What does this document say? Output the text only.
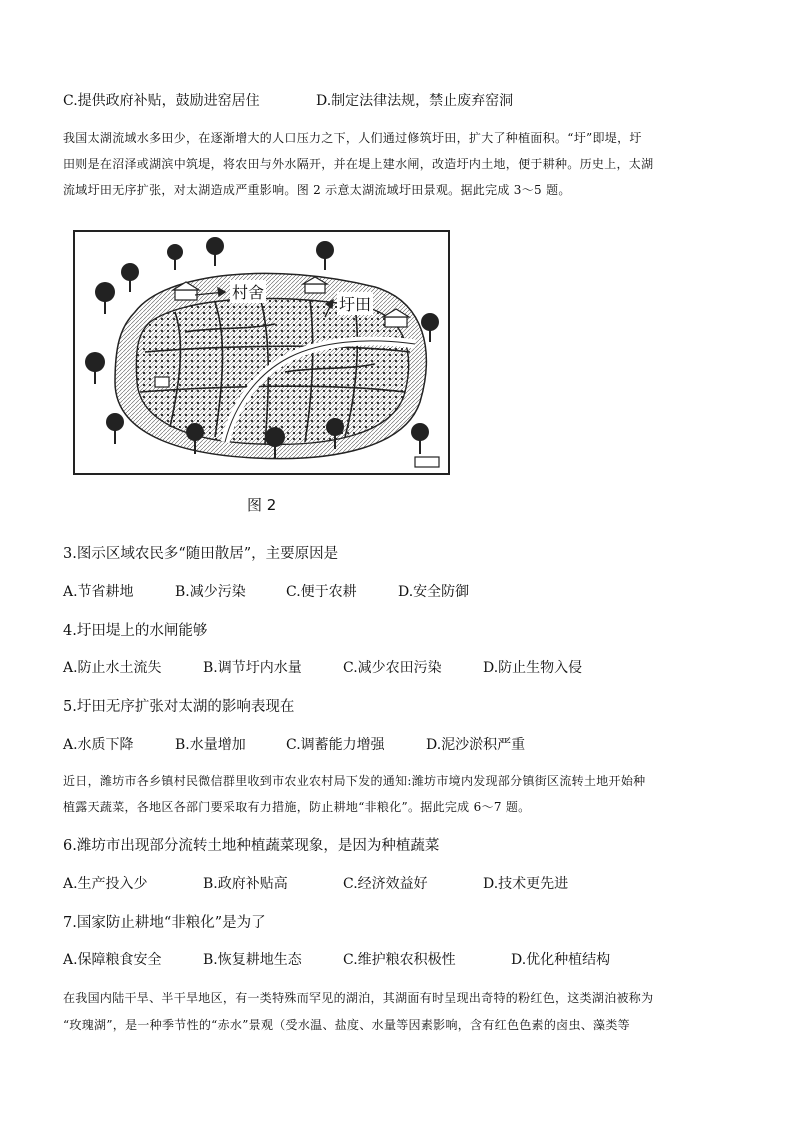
C.提供政府补贴，鼓励进窑居住	D.制定法律法规，禁止废弃窑洞
我国太湖流域水多田少，在逐渐增大的人口压力之下，人们通过修筑圩田，扩大了种植面积。“圩”即堤，圩
田则是在沼泽或湖滨中筑堤，将农田与外水隔开，并在堤上建水闸，改造圩内土地，便于耕种。历史上，太湖
流域圩田无序扩张，对太湖造成严重影响。图 2 示意太湖流域圩田景观。据此完成 3～5 题。
村舍
圩田
图 2
3.图示区域农民多“随田散居”，主要原因是
A.节省耕地	B.减少污染	C.便于农耕	D.安全防御
4.圩田堤上的水闸能够
A.防止水土流失	B.调节圩内水量	C.减少农田污染	D.防止生物入侵
5.圩田无序扩张对太湖的影响表现在
A.水质下降	B.水量增加	C.调蓄能力增强	D.泥沙淤积严重
近日，潍坊市各乡镇村民微信群里收到市农业农村局下发的通知:潍坊市境内发现部分镇街区流转土地开始种
植露天蔬菜，各地区各部门要采取有力措施，防止耕地“非粮化”。据此完成 6～7 题。
6.潍坊市出现部分流转土地种植蔬菜现象，是因为种植蔬菜
A.生产投入少	B.政府补贴高	C.经济效益好	D.技术更先进
7.国家防止耕地“非粮化”是为了
A.保障粮食安全	B.恢复耕地生态	C.维护粮农积极性	D.优化种植结构
在我国内陆干旱、半干旱地区，有一类特殊而罕见的湖泊，其湖面有时呈现出奇特的粉红色，这类湖泊被称为
“玫瑰湖”，是一种季节性的“赤水”景观（受水温、盐度、水量等因素影响，含有红色色素的卤虫、藻类等
